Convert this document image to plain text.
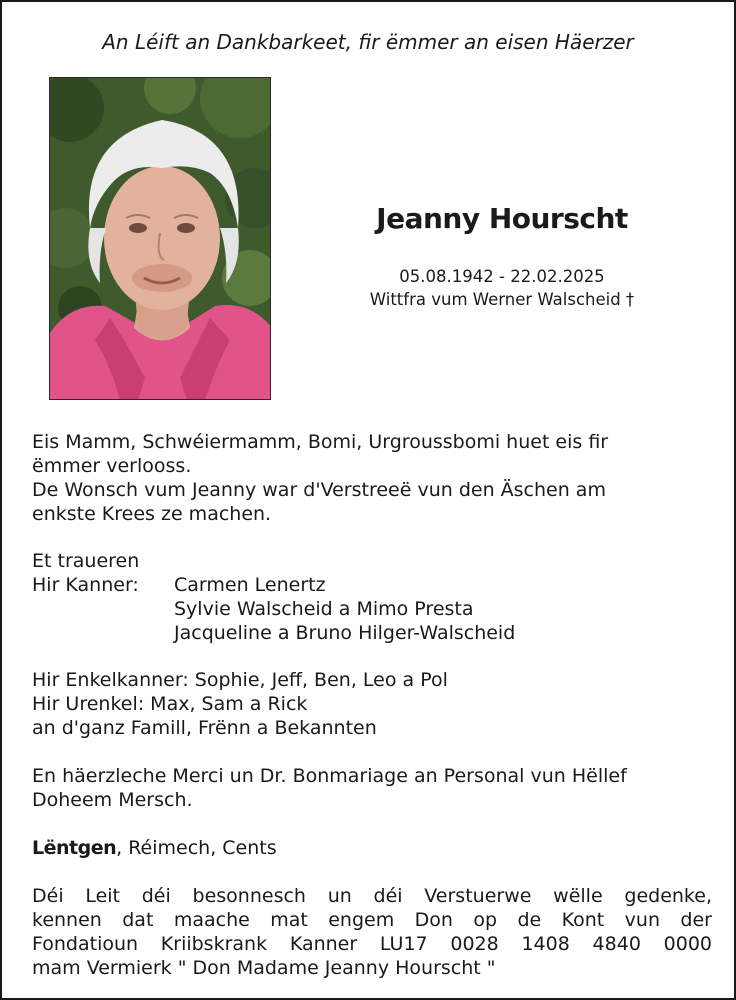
An Léift an Dankbarkeet, fir ëmmer an eisen Häerzer
Jeanny Hourscht
05.08.1942 - 22.02.2025
Wittfra vum Werner Walscheid †
Eis Mamm, Schwéiermamm, Bomi, Urgroussbomi huet eis fir
ëmmer verlooss.
De Wonsch vum Jeanny war d'Verstreeë vun den Äschen am
enkste Krees ze machen.
Et traueren
Hir Kanner: Carmen Lenertz
Sylvie Walscheid a Mimo Presta
Jacqueline a Bruno Hilger-Walscheid
Hir Enkelkanner: Sophie, Jeff, Ben, Leo a Pol
Hir Urenkel: Max, Sam a Rick
an d'ganz Famill, Frënn a Bekannten
En häerzleche Merci un Dr. Bonmariage an Personal vun Hëllef
Doheem Mersch.
Lëntgen, Réimech, Cents
Déi Leit déi besonnesch un déi Verstuerwe wëlle gedenke,
kennen dat maache mat engem Don op de Kont vun der
Fondatioun Kriibskrank Kanner LU17 0028 1408 4840 0000
mam Vermierk " Don Madame Jeanny Hourscht "
